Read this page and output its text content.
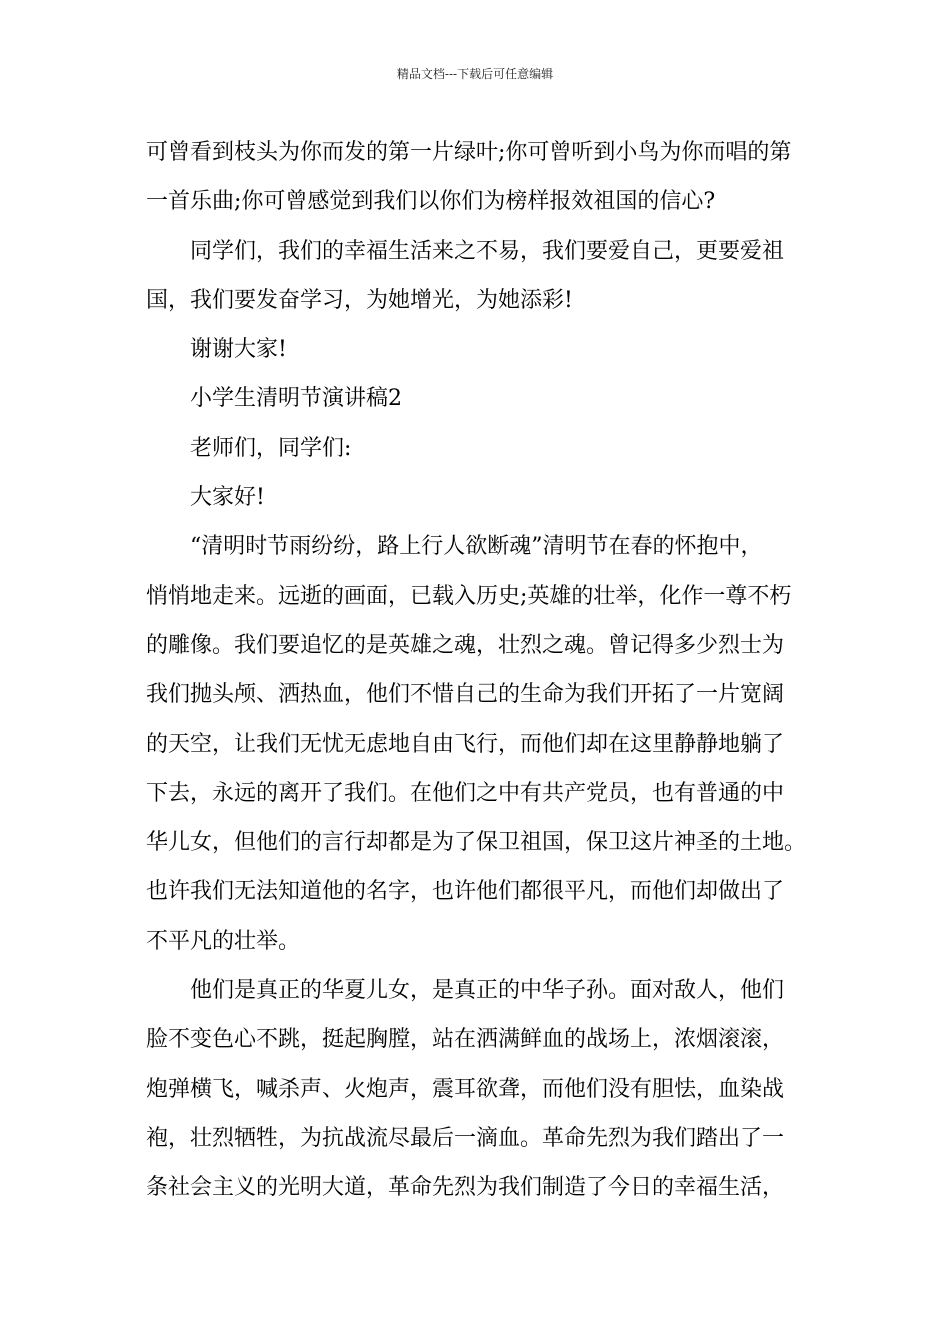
精品文档---下载后可任意编辑
可曾看到枝头为你而发的第一片绿叶;你可曾听到小鸟为你而唱的第
一首乐曲;你可曾感觉到我们以你们为榜样报效祖国的信心?
同学们，我们的幸福生活来之不易，我们要爱自己，更要爱祖
国，我们要发奋学习，为她增光，为她添彩!
谢谢大家!
小学生清明节演讲稿2
老师们，同学们:
大家好!
“清明时节雨纷纷，路上行人欲断魂”清明节在春的怀抱中，
悄悄地走来。远逝的画面，已载入历史;英雄的壮举，化作一尊不朽
的雕像。我们要追忆的是英雄之魂，壮烈之魂。曾记得多少烈士为
我们抛头颅、洒热血，他们不惜自己的生命为我们开拓了一片宽阔
的天空，让我们无忧无虑地自由飞行，而他们却在这里静静地躺了
下去，永远的离开了我们。在他们之中有共产党员，也有普通的中
华儿女，但他们的言行却都是为了保卫祖国，保卫这片神圣的土地。
也许我们无法知道他的名字，也许他们都很平凡，而他们却做出了
不平凡的壮举。
他们是真正的华夏儿女，是真正的中华子孙。面对敌人，他们
脸不变色心不跳，挺起胸膛，站在洒满鲜血的战场上，浓烟滚滚，
炮弹横飞，喊杀声、火炮声，震耳欲聋，而他们没有胆怯，血染战
袍，壮烈牺牲，为抗战流尽最后一滴血。革命先烈为我们踏出了一
条社会主义的光明大道，革命先烈为我们制造了今日的幸福生活，
